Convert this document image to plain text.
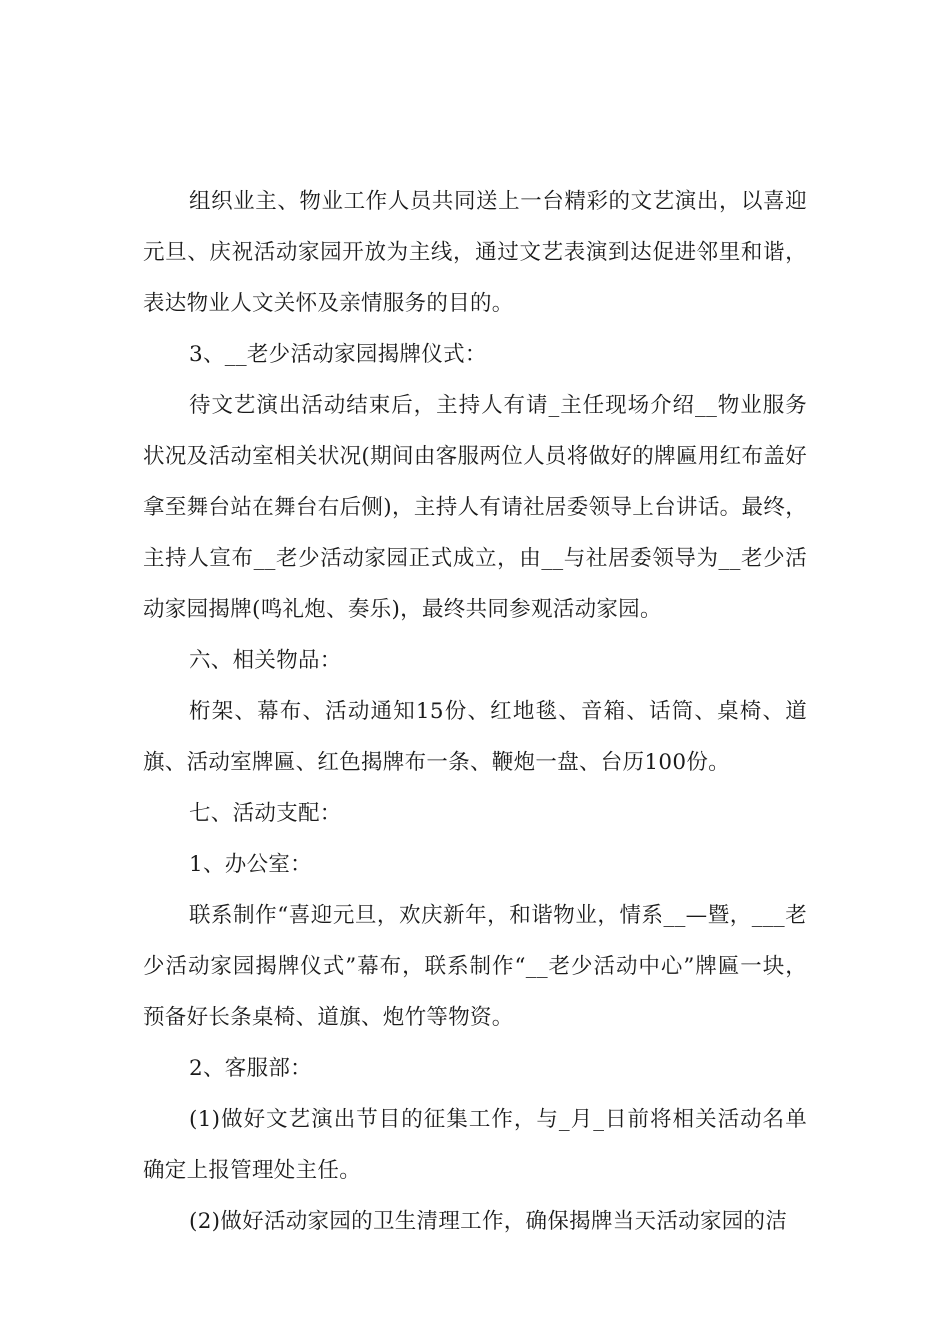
组织业主、物业工作人员共同送上一台精彩的文艺演出，以喜迎元旦、庆祝活动家园开放为主线，通过文艺表演到达促进邻里和谐，表达物业人文关怀及亲情服务的目的。

3、__老少活动家园揭牌仪式：

待文艺演出活动结束后，主持人有请_主任现场介绍__物业服务状况及活动室相关状况(期间由客服两位人员将做好的牌匾用红布盖好拿至舞台站在舞台右后侧)，主持人有请社居委领导上台讲话。最终，主持人宣布__老少活动家园正式成立，由__与社居委领导为__老少活动家园揭牌(鸣礼炮、奏乐)，最终共同参观活动家园。

六、相关物品：

桁架、幕布、活动通知15份、红地毯、音箱、话筒、桌椅、道旗、活动室牌匾、红色揭牌布一条、鞭炮一盘、台历100份。

七、活动支配：

1、办公室：

联系制作“喜迎元旦，欢庆新年，和谐物业，情系__—暨，___老少活动家园揭牌仪式”幕布，联系制作“__老少活动中心”牌匾一块，预备好长条桌椅、道旗、炮竹等物资。

2、客服部：

(1)做好文艺演出节目的征集工作，与_月_日前将相关活动名单确定上报管理处主任。

(2)做好活动家园的卫生清理工作，确保揭牌当天活动家园的洁
